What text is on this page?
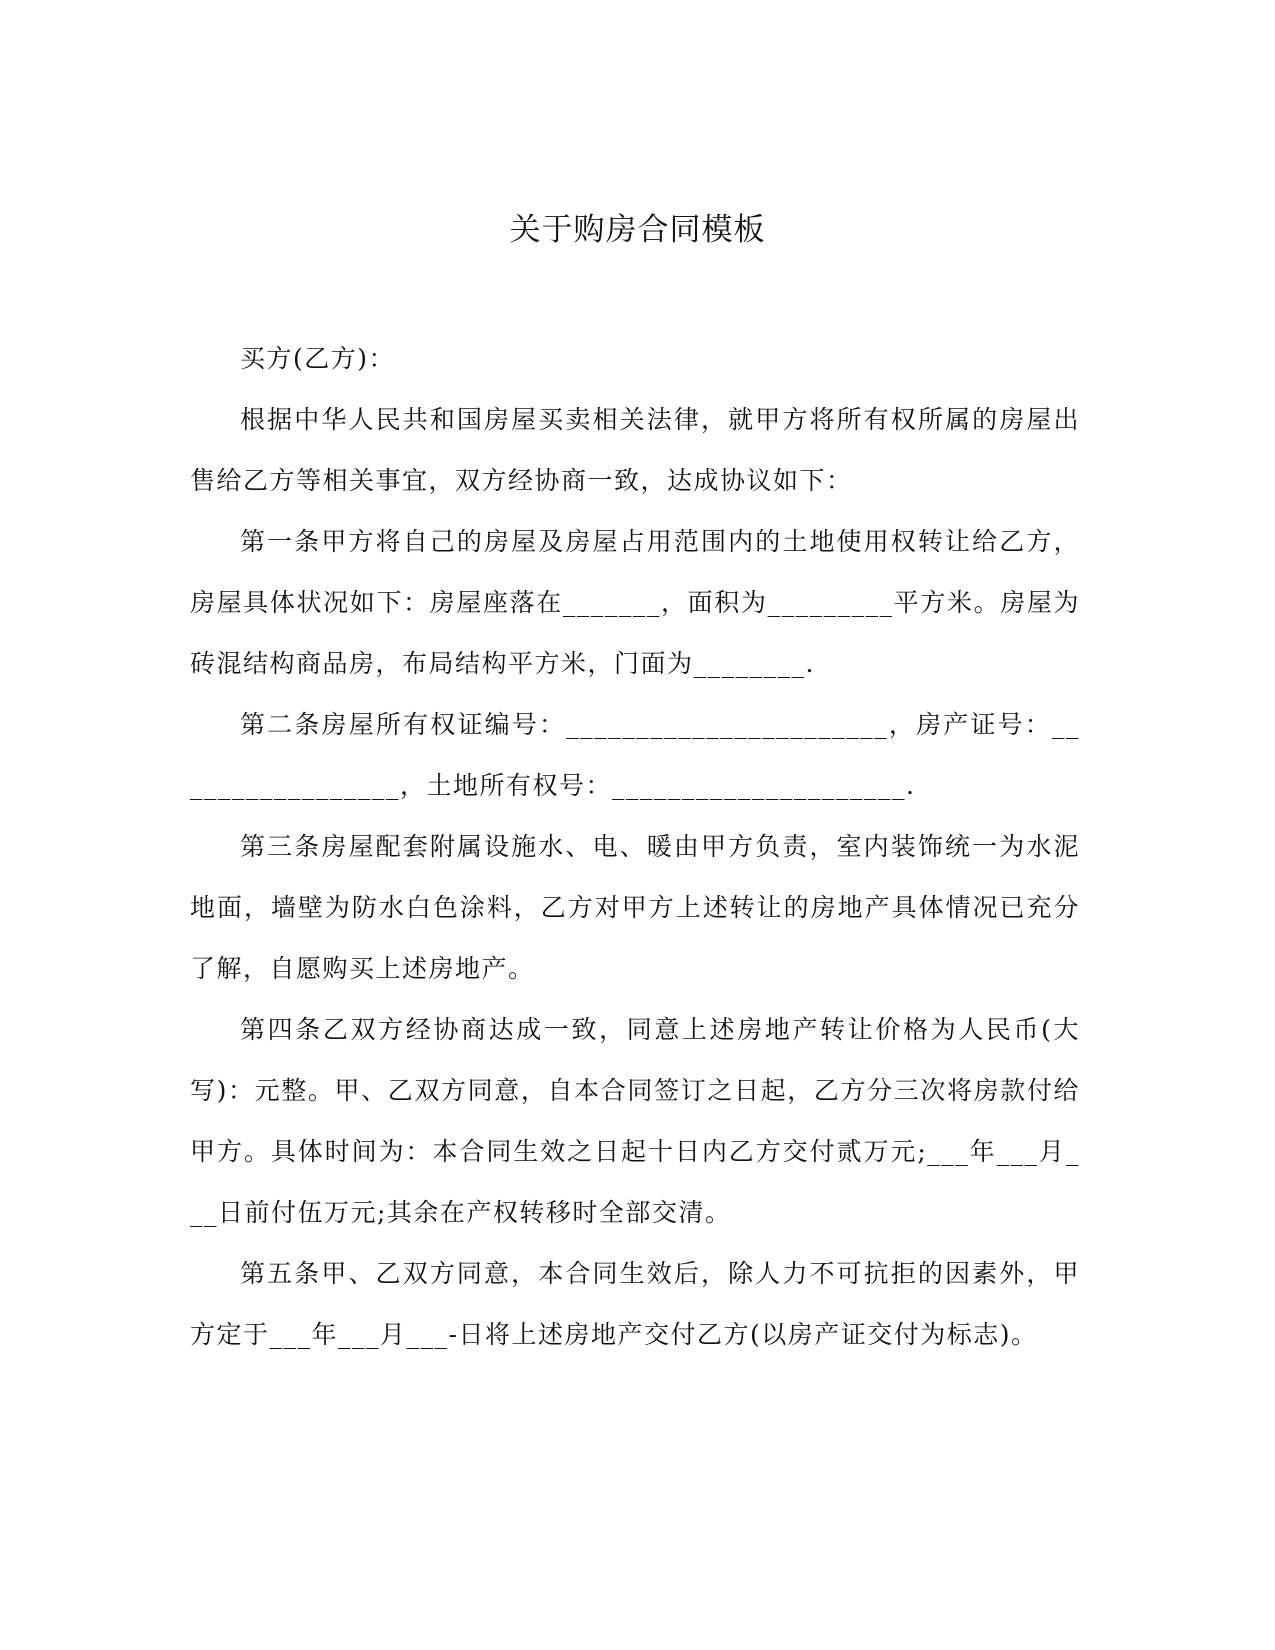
关于购房合同模板

买方(乙方)：

根据中华人民共和国房屋买卖相关法律，就甲方将所有权所属的房屋出售给乙方等相关事宜，双方经协商一致，达成协议如下：

第一条甲方将自己的房屋及房屋占用范围内的土地使用权转让给乙方，房屋具体状况如下：房屋座落在_______，面积为_________平方米。房屋为砖混结构商品房，布局结构平方米，门面为________.

第二条房屋所有权证编号：_______________________，房产证号：_________________，土地所有权号：_____________________.

第三条房屋配套附属设施水、电、暖由甲方负责，室内装饰统一为水泥地面，墙壁为防水白色涂料，乙方对甲方上述转让的房地产具体情况已充分了解，自愿购买上述房地产。

第四条乙双方经协商达成一致，同意上述房地产转让价格为人民币(大写)：元整。甲、乙双方同意，自本合同签订之日起，乙方分三次将房款付给甲方。具体时间为：本合同生效之日起十日内乙方交付贰万元;___年___月___日前付伍万元;其余在产权转移时全部交清。

第五条甲、乙双方同意，本合同生效后，除人力不可抗拒的因素外，甲方定于___年___月___-日将上述房地产交付乙方(以房产证交付为标志)。
